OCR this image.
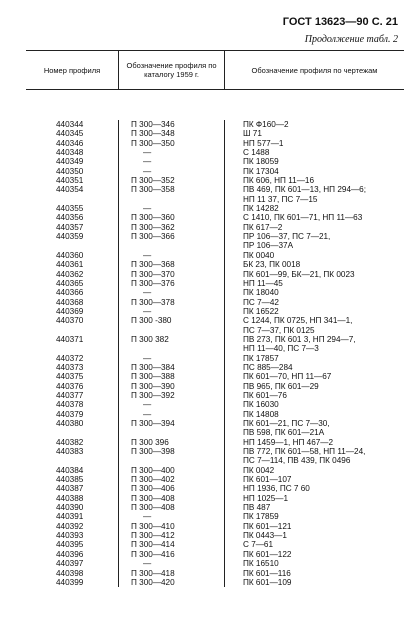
ГОСТ 13623—90 С. 21
Продолжение табл. 2
Номер профиля	Обозначение профиля по каталогу 1959 г.	Обозначение профиля по чертежам
440344
440345
440346
440348
440349
440350
440351
440354
440355
440356
440357
440359
440360
440361
440362
440365
440366
440368
440369
440370
440371
440372
440373
440375
440376
440377
440378
440379
440380
440382
440383
440384
440385
440387
440388
440390
440391
440392
440393
440395
440396
440397
440398
440399
П 300—346
П 300—348
П 300—350
—
—
—
П 300—352
П 300—358
—
П 300—360
П 300—362
П 300—366
—
П 300—368
П 300—370
П 300—376
—
П 300—378
—
П 300 -380
П 300 382
—
П 300—384
П 300—388
П 300—390
П 300—392
—
—
П 300—394
П 300 396
П 300—398
П 300—400
П 300—402
П 300—406
П 300—408
П 300—408
—
П 300—410
П 300—412
П 300—414
П 300—416
—
П 300—418
П 300—420
ПК Ф160—2
Ш 71
НП 577—1
С 1488
ПК 18059
ПК 17304
ПК 606, НП 11—16
ПВ 469, ПК 601—13, НП 294—6;
НП 11 37, ПС 7—15
ПК 14282
С 1410, ПК 601—71, НП 11—63
ПК 617—2
ПР 106—37, ПС 7—21,
ПР 106—37А
ПК 0040
БК 23, ПК 0018
ПК 601—99, БК—21, ПК 0023
НП 11—45
ПК 18040
ПС 7—42
ПК 16522
С 1244, ПК 0725, НП 341—1,
ПС 7—37, ПК 0125
ПВ 273, ПК 601 3, НП 294—7,
НП 11—40, ПС 7—3
ПК 17857
ПС 885—284
ПК 601—70, НП 11—67
ПВ 965, ПК 601—29
ПК 601—76
ПК 16030
ПК 14808
ПК 601—21, ПС 7—30,
ПВ 598, ПК 601—21А
НП 1459—1, НП 467—2
ПВ 772, ПК 601—58, НП 11—24,
ПС 7—114, ПВ 439, ПК 0496
ПК 0042
ПК 601—107
НП 1936, ПС 7 60
НП 1025—1
ПВ 487
ПК 17859
ПК 601—121
ПК 0443—1
С 7—61
ПК 601—122
ПК 16510
ПК 601—116
ПК 601—109
